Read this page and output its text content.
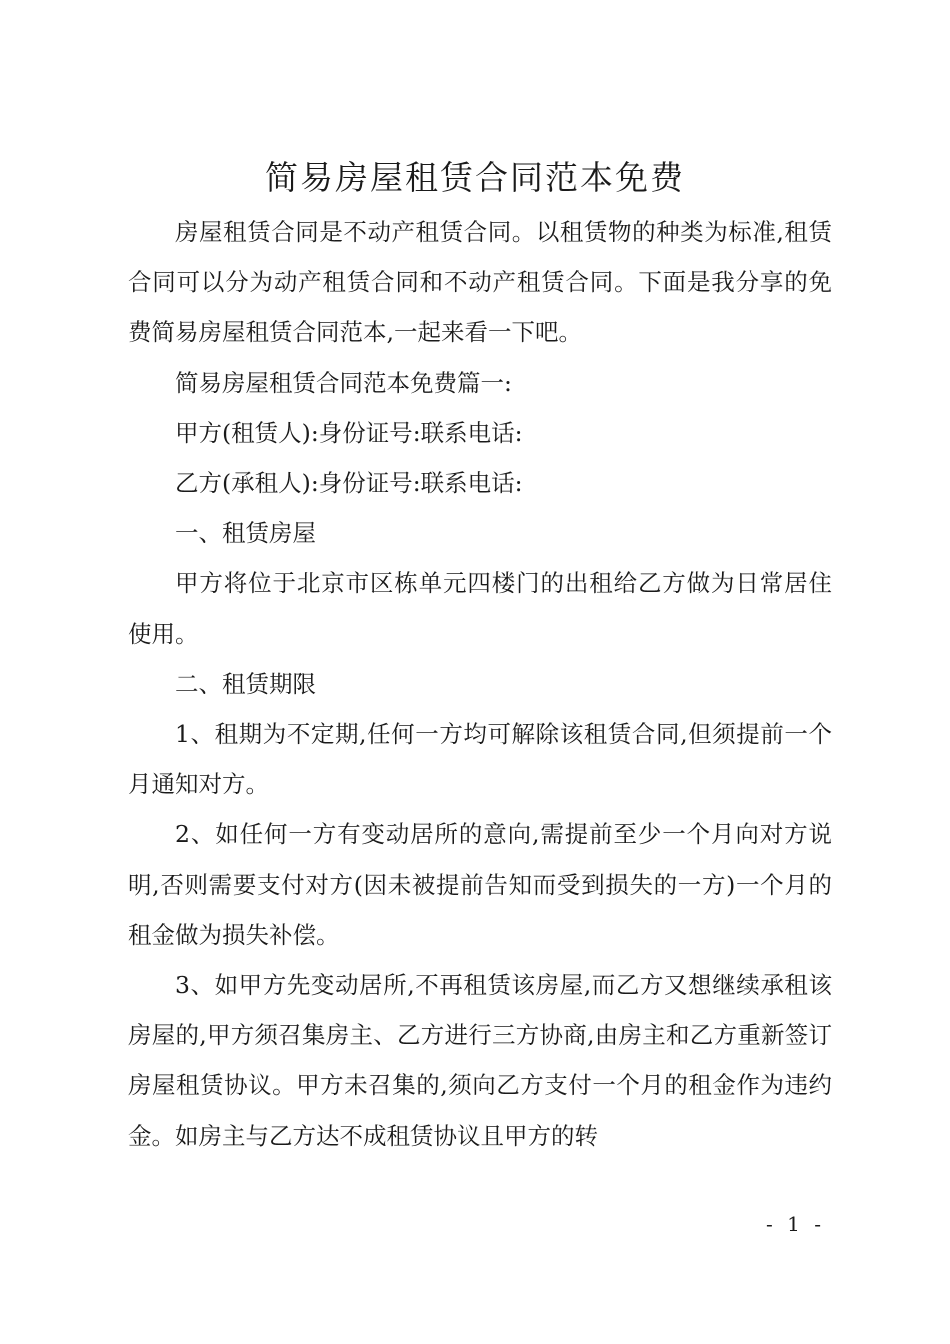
简易房屋租赁合同范本免费

房屋租赁合同是不动产租赁合同。以租赁物的种类为标准,租赁合同可以分为动产租赁合同和不动产租赁合同。下面是我分享的免费简易房屋租赁合同范本,一起来看一下吧。

简易房屋租赁合同范本免费篇一:

甲方(租赁人):身份证号:联系电话:

乙方(承租人):身份证号:联系电话:

一、租赁房屋

甲方将位于北京市区栋单元四楼门的出租给乙方做为日常居住使用。

二、租赁期限

1、租期为不定期,任何一方均可解除该租赁合同,但须提前一个月通知对方。

2、如任何一方有变动居所的意向,需提前至少一个月向对方说明,否则需要支付对方(因未被提前告知而受到损失的一方)一个月的租金做为损失补偿。

3、如甲方先变动居所,不再租赁该房屋,而乙方又想继续承租该房屋的,甲方须召集房主、乙方进行三方协商,由房主和乙方重新签订房屋租赁协议。甲方未召集的,须向乙方支付一个月的租金作为违约金。如房主与乙方达不成租赁协议且甲方的转

- 1 -
